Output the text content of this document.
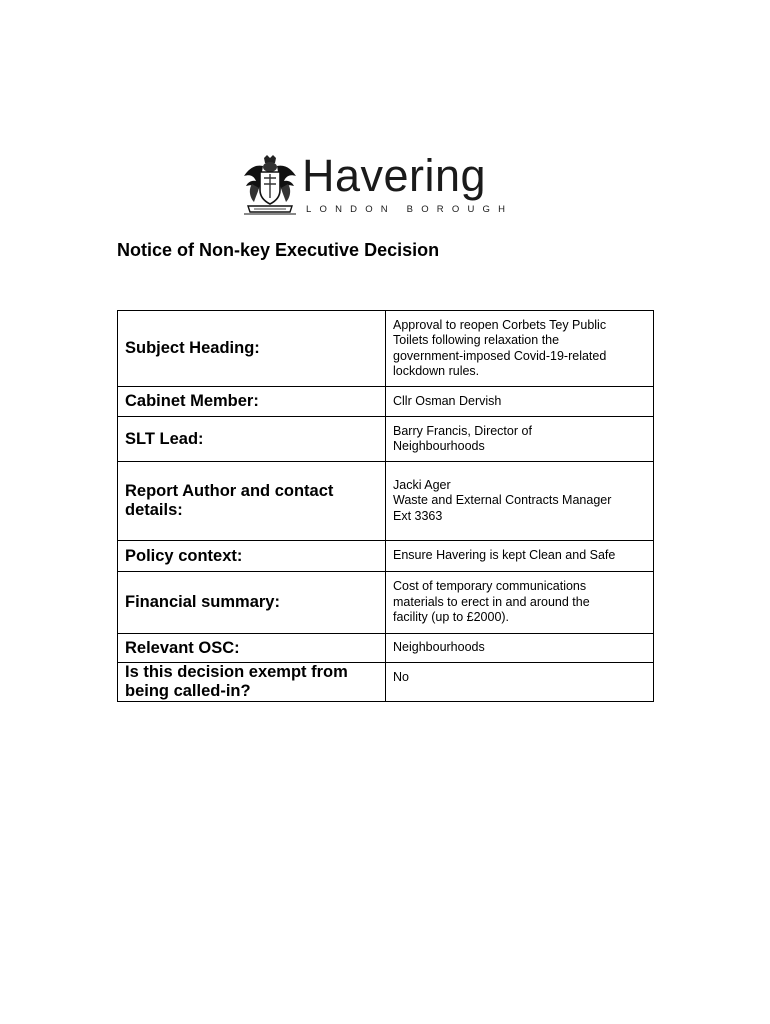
Havering
LONDON BOROUGH
Notice of Non-key Executive Decision
Subject Heading:	Approval to reopen Corbets Tey Public
Toilets following relaxation the
government-imposed Covid-19-related
lockdown rules.
Cabinet Member:	Cllr Osman Dervish
SLT Lead:	Barry Francis, Director of
Neighbourhoods
Report Author and contact
details:	Jacki Ager
Waste and External Contracts Manager
Ext 3363
Policy context:	Ensure Havering is kept Clean and Safe
Financial summary:	Cost of temporary communications
materials to erect in and around the
facility (up to £2000).
Relevant OSC:	Neighbourhoods
Is this decision exempt from
being called-in?	No
